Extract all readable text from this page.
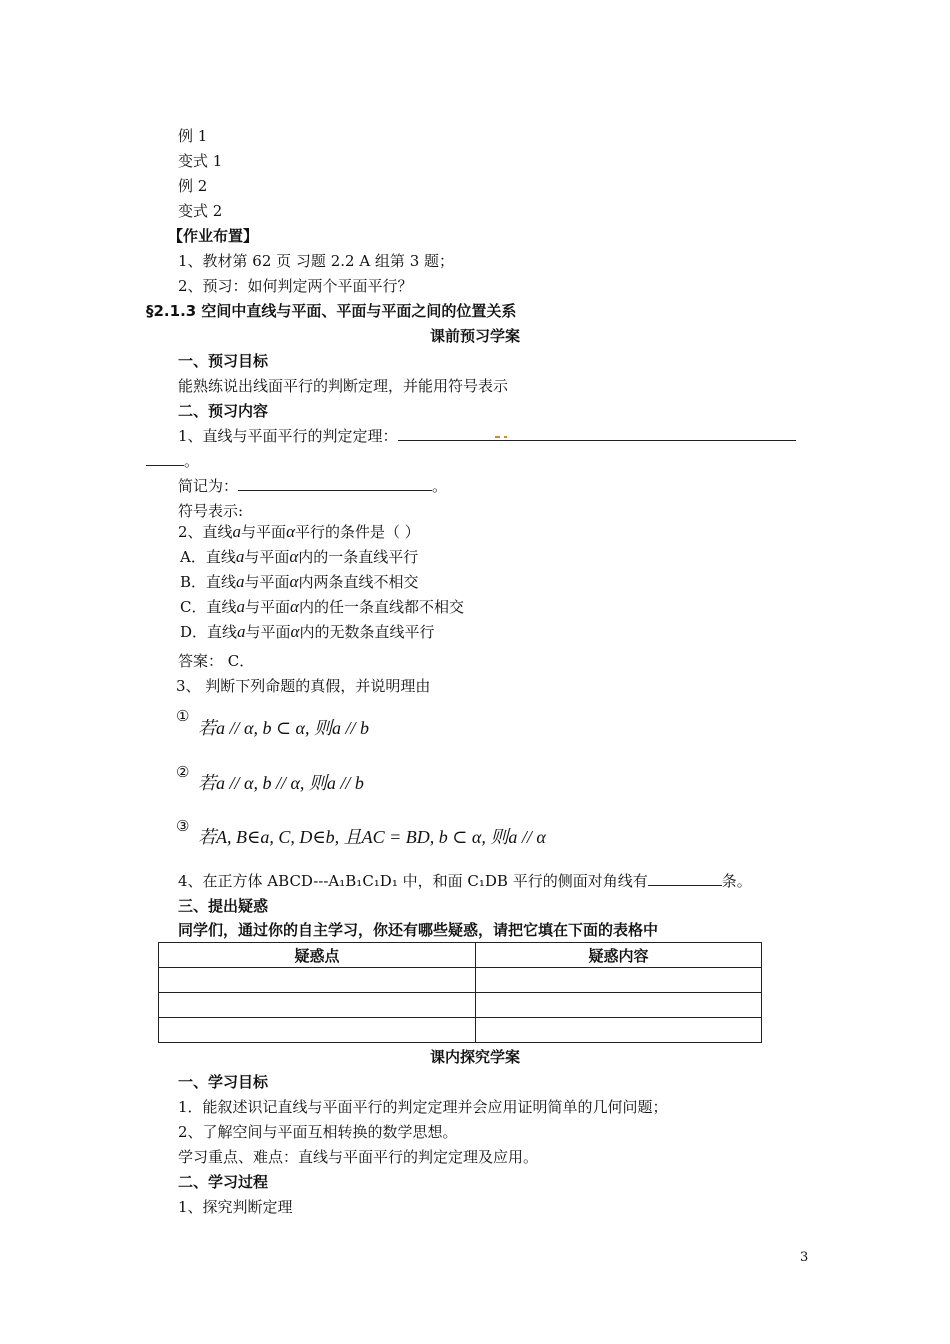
例 1
变式 1
例 2
变式 2
【作业布置】
1、教材第 62 页 习题 2.2 A 组第 3 题；
2、预习：如何判定两个平面平行？
§2.1.3 空间中直线与平面、平面与平面之间的位置关系
课前预习学案
一、预习目标
能熟练说出线面平行的判断定理，并能用符号表示
二、预习内容
1、直线与平面平行的判定定理：
。
简记为：	。
符号表示:
2、直线a与平面α平行的条件是（ ）
A．直线a与平面α内的一条直线平行
B．直线a与平面α内两条直线不相交
C．直线a与平面α内的任一条直线都不相交
D．直线a与平面α内的无数条直线平行
答案： C．
3、 判断下列命题的真假，并说明理由
①
若a // α, b ⊂ α, 则a // b
②
若a // α, b // α, 则a // b
③
若A, B∈a, C, D∈b, 且AC = BD, b ⊂ α, 则a // α
4、在正方体 ABCD---A₁B₁C₁D₁ 中，和面 C₁DB 平行的侧面对角线有	条。
三、提出疑惑
同学们，通过你的自主学习，你还有哪些疑惑，请把它填在下面的表格中
疑惑点	疑惑内容

课内探究学案
一、学习目标
1．能叙述识记直线与平面平行的判定定理并会应用证明简单的几何问题；
2、了解空间与平面互相转换的数学思想。
学习重点、难点：直线与平面平行的判定定理及应用。
二、学习过程
1、探究判断定理
3
